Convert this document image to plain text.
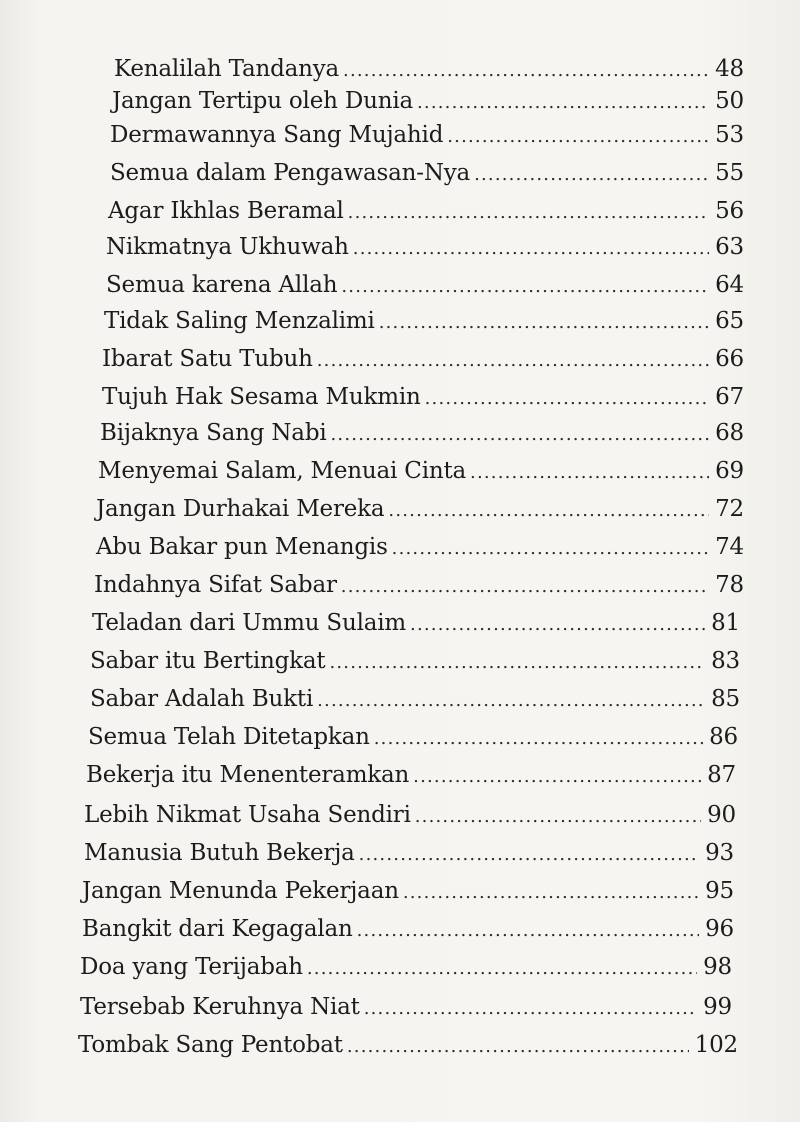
Kenalilah Tandanya .....	48
Jangan Tertipu oleh Dunia .....	50
Dermawannya Sang Mujahid .....	53
Semua dalam Pengawasan-Nya .....	55
Agar Ikhlas Beramal .....	56
Nikmatnya Ukhuwah .....	63
Semua karena Allah .....	64
Tidak Saling Menzalimi .....	65
Ibarat Satu Tubuh .....	66
Tujuh Hak Sesama Mukmin .....	67
Bijaknya Sang Nabi .....	68
Menyemai Salam, Menuai Cinta .....	69
Jangan Durhakai Mereka .....	72
Abu Bakar pun Menangis .....	74
Indahnya Sifat Sabar .....	78
Teladan dari Ummu Sulaim .....	81
Sabar itu Bertingkat .....	83
Sabar Adalah Bukti .....	85
Semua Telah Ditetapkan .....	86
Bekerja itu Menenteramkan .....	87
Lebih Nikmat Usaha Sendiri .....	90
Manusia Butuh Bekerja .....	93
Jangan Menunda Pekerjaan .....	95
Bangkit dari Kegagalan .....	96
Doa yang Terijabah .....	98
Tersebab Keruhnya Niat .....	99
Tombak Sang Pentobat .....	102
